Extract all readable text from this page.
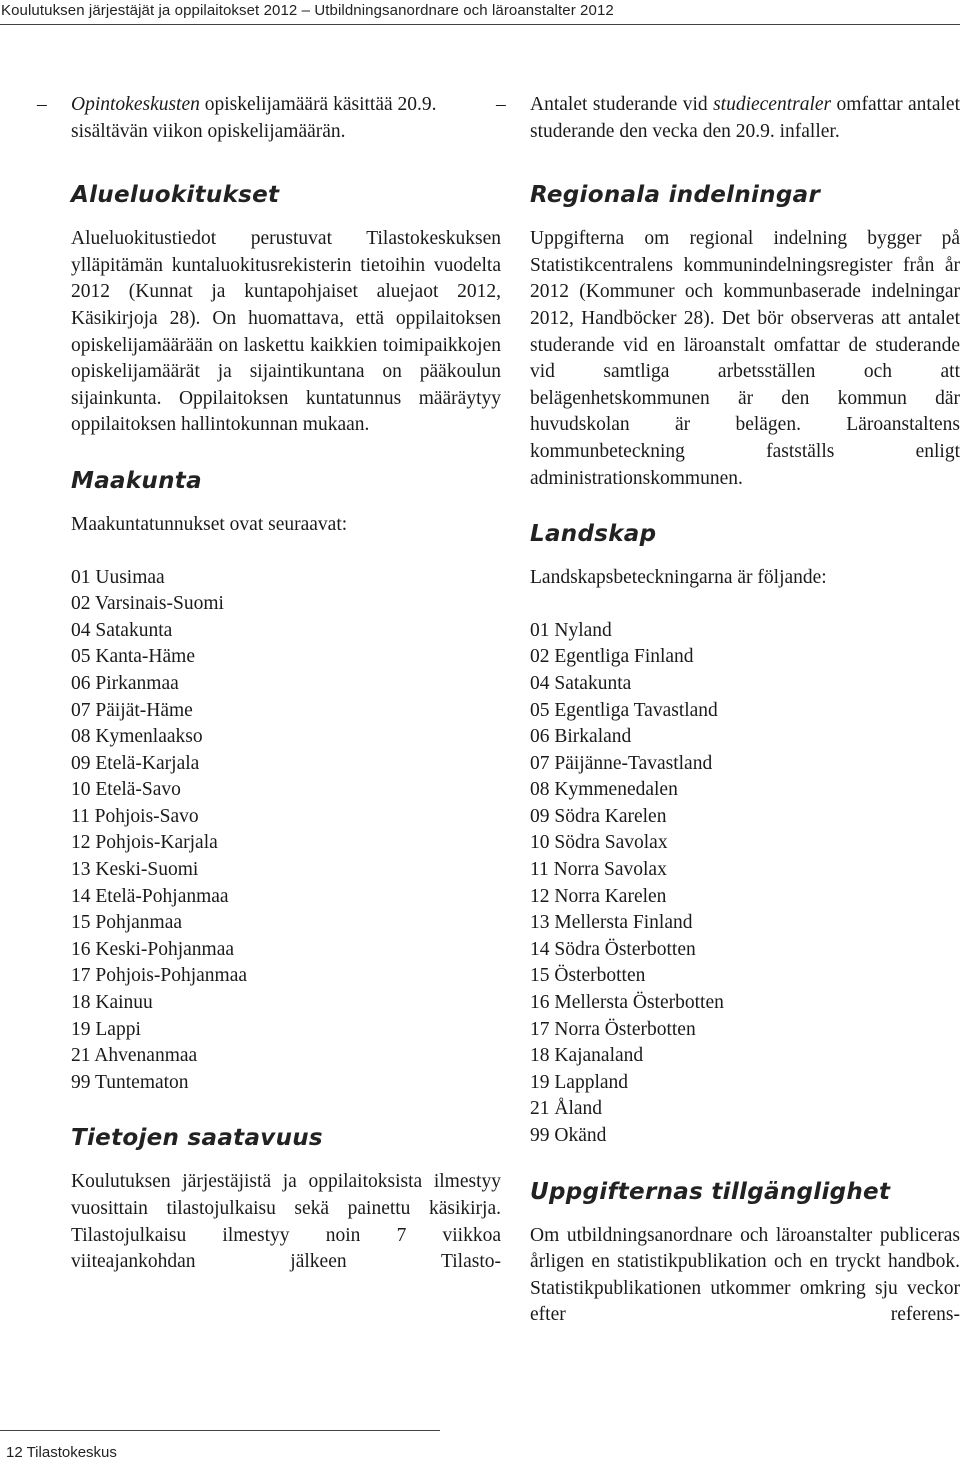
Koulutuksen järjestäjät ja oppilaitokset 2012 – Utbildningsanordnare och läroanstalter 2012

– Opintokeskusten opiskelijamäärä käsittää 20.9. sisältävän viikon opiskelijamäärän.

Alueluokitukset

Alueluokitustiedot perustuvat Tilastokeskuksen ylläpitämän kuntaluokitusrekisterin tietoihin vuodelta 2012 (Kunnat ja kuntapohjaiset aluejaot 2012, Käsikirjoja 28). On huomattava, että oppilaitoksen opiskelijamäärään on laskettu kaikkien toimipaikkojen opiskelijamäärät ja sijaintikuntana on pääkoulun sijainkunta. Oppilaitoksen kuntatunnus määräytyy oppilaitoksen hallintokunnan mukaan.

Maakunta

Maakuntatunnukset ovat seuraavat:

01 Uusimaa
02 Varsinais-Suomi
04 Satakunta
05 Kanta-Häme
06 Pirkanmaa
07 Päijät-Häme
08 Kymenlaakso
09 Etelä-Karjala
10 Etelä-Savo
11 Pohjois-Savo
12 Pohjois-Karjala
13 Keski-Suomi
14 Etelä-Pohjanmaa
15 Pohjanmaa
16 Keski-Pohjanmaa
17 Pohjois-Pohjanmaa
18 Kainuu
19 Lappi
21 Ahvenanmaa
99 Tuntematon
Tietojen saatavuus

Koulutuksen järjestäjistä ja oppilaitoksista ilmestyy vuosittain tilastojulkaisu sekä painettu käsikirja. Tilastojulkaisu ilmestyy noin 7 viikkoa viiteajankohdan jälkeen Tilasto-

– Antalet studerande vid studiecentraler omfattar antalet studerande den vecka den 20.9. infaller.

Regionala indelningar

Uppgifterna om regional indelning bygger på Statistikcentralens kommunindelningsregister från år 2012 (Kommuner och kommunbaserade indelningar 2012, Handböcker 28). Det bör observeras att antalet studerande vid en läroanstalt omfattar de studerande vid samtliga arbetsställen och att belägenhetskommunen är den kommun där huvudskolan är belägen. Läroanstaltens kommunbeteckning fastställs enligt administrationskommunen.

Landskap

Landskapsbeteckningarna är följande:

01 Nyland
02 Egentliga Finland
04 Satakunta
05 Egentliga Tavastland
06 Birkaland
07 Päijänne-Tavastland
08 Kymmenedalen
09 Södra Karelen
10 Södra Savolax
11 Norra Savolax
12 Norra Karelen
13 Mellersta Finland
14 Södra Österbotten
15 Österbotten
16 Mellersta Österbotten
17 Norra Österbotten
18 Kajanaland
19 Lappland
21 Åland
99 Okänd
Uppgifternas tillgänglighet

Om utbildningsanordnare och läroanstalter publiceras årligen en statistikpublikation och en tryckt handbok. Statistikpublikationen utkommer omkring sju veckor efter referens-

12 Tilastokeskus
